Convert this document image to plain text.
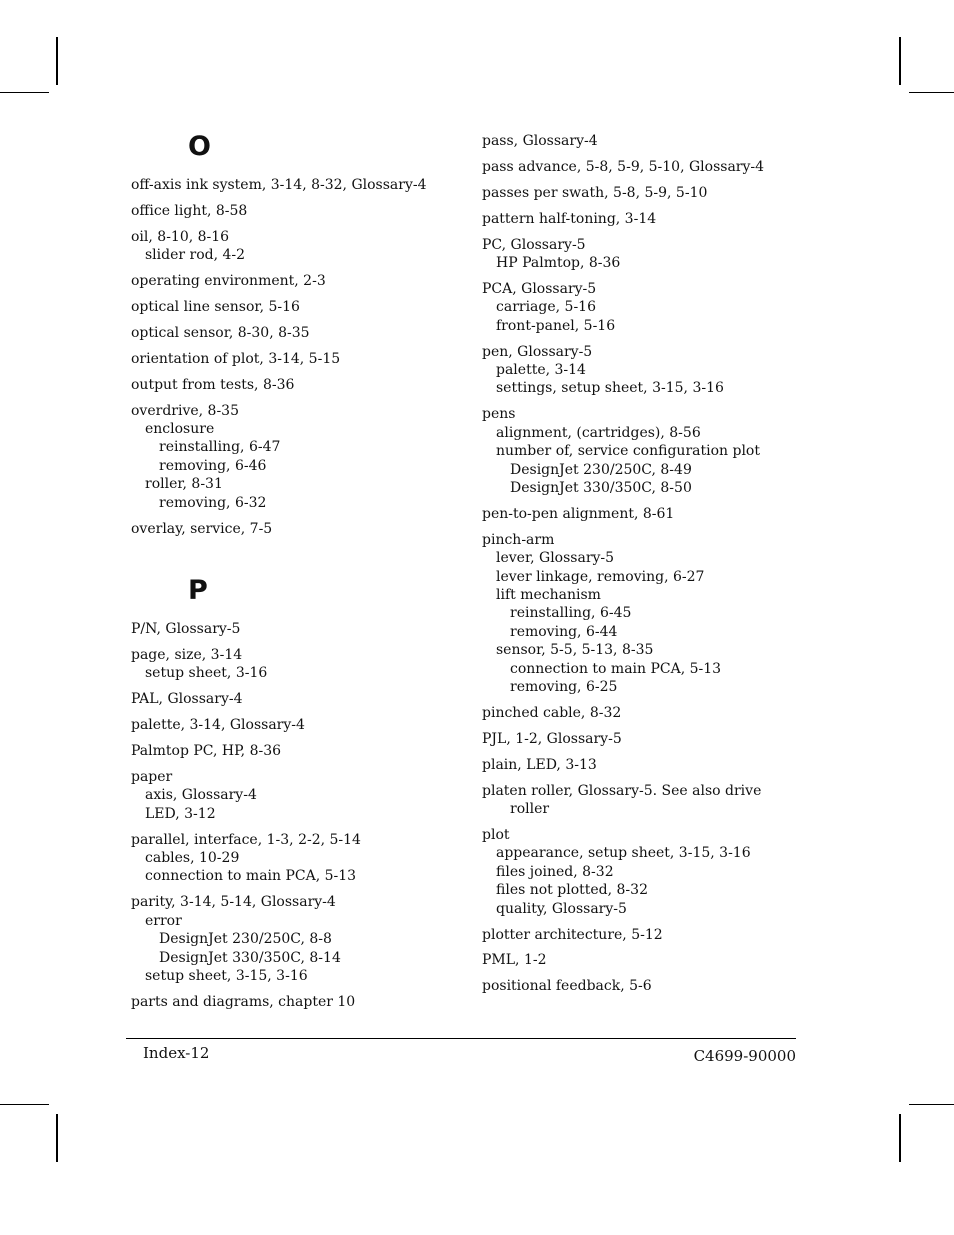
O
off-axis ink system, 3-14, 8-32, Glossary-4
office light, 8-58
oil, 8-10, 8-16
slider rod, 4-2
operating environment, 2-3
optical line sensor, 5-16
optical sensor, 8-30, 8-35
orientation of plot, 3-14, 5-15
output from tests, 8-36
overdrive, 8-35
enclosure
reinstalling, 6-47
removing, 6-46
roller, 8-31
removing, 6-32
overlay, service, 7-5
P
P/N, Glossary-5
page, size, 3-14
setup sheet, 3-16
PAL, Glossary-4
palette, 3-14, Glossary-4
Palmtop PC, HP, 8-36
paper
axis, Glossary-4
LED, 3-12
parallel, interface, 1-3, 2-2, 5-14
cables, 10-29
connection to main PCA, 5-13
parity, 3-14, 5-14, Glossary-4
error
DesignJet 230/250C, 8-8
DesignJet 330/350C, 8-14
setup sheet, 3-15, 3-16
parts and diagrams, chapter 10
pass, Glossary-4
pass advance, 5-8, 5-9, 5-10, Glossary-4
passes per swath, 5-8, 5-9, 5-10
pattern half-toning, 3-14
PC, Glossary-5
HP Palmtop, 8-36
PCA, Glossary-5
carriage, 5-16
front-panel, 5-16
pen, Glossary-5
palette, 3-14
settings, setup sheet, 3-15, 3-16
pens
alignment, (cartridges), 8-56
number of, service configuration plot
DesignJet 230/250C, 8-49
DesignJet 330/350C, 8-50
pen-to-pen alignment, 8-61
pinch-arm
lever, Glossary-5
lever linkage, removing, 6-27
lift mechanism
reinstalling, 6-45
removing, 6-44
sensor, 5-5, 5-13, 8-35
connection to main PCA, 5-13
removing, 6-25
pinched cable, 8-32
PJL, 1-2, Glossary-5
plain, LED, 3-13
platen roller, Glossary-5. See also drive
roller
plot
appearance, setup sheet, 3-15, 3-16
files joined, 8-32
files not plotted, 8-32
quality, Glossary-5
plotter architecture, 5-12
PML, 1-2
positional feedback, 5-6
Index-12	C4699-90000
